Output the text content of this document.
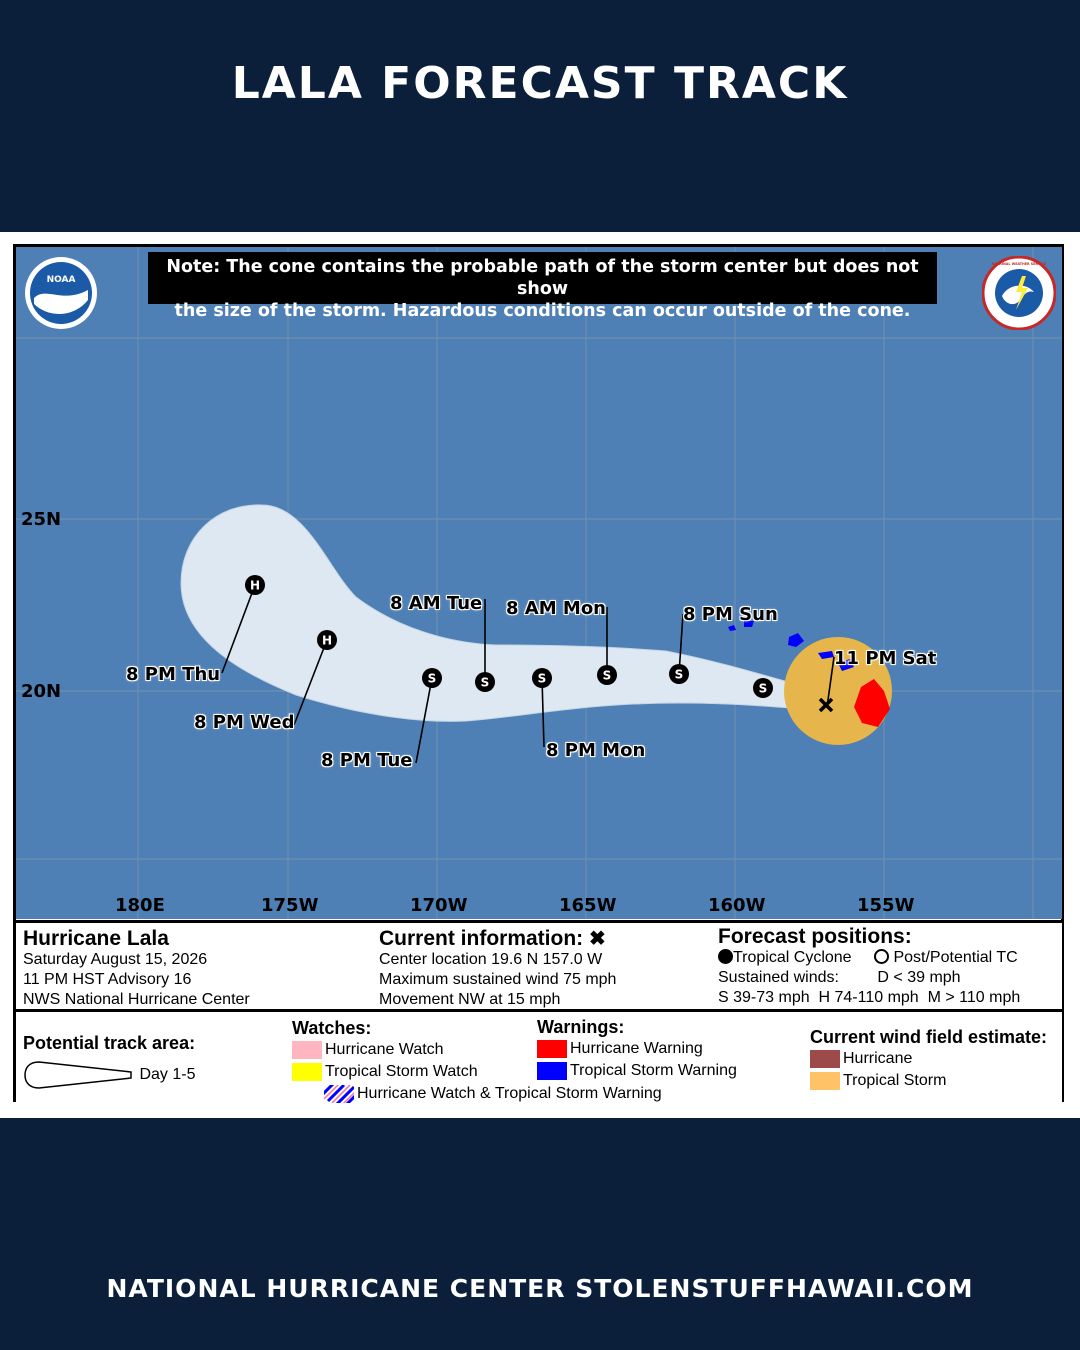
LALA FORECAST TRACK
H
H
S	S	S	S	S
S
Note: The cone contains the probable path of the storm center but does not show
the size of the storm. Hazardous conditions can occur outside of the cone.
NOAA
NATIONAL WEATHER SERVICE
25N
20N
180E	175W	170W	165W	160W	155W
11 PM Sat
8 PM Sun
8 AM Mon
8 PM Mon
8 AM Tue
8 PM Tue
8 PM Wed
8 PM Thu
Hurricane Lala
Saturday August 15, 2026
11 PM HST Advisory 16
NWS National Hurricane Center
Current information: ✖
Center location 19.6 N 157.0 W
Maximum sustained wind 75 mph
Movement NW at 15 mph
Forecast positions:
Tropical Cyclone	Post/Potential TC
Sustained winds: D < 39 mph
S 39-73 mph  H 74-110 mph  M > 110 mph
Potential track area:
Day 1-5
Watches:
Hurricane Watch
Tropical Storm Watch
Hurricane Watch & Tropical Storm Warning
Warnings:
Hurricane Warning
Tropical Storm Warning
Current wind field estimate:
Hurricane
Tropical Storm
NATIONAL HURRICANE CENTER STOLENSTUFFHAWAII.COM
